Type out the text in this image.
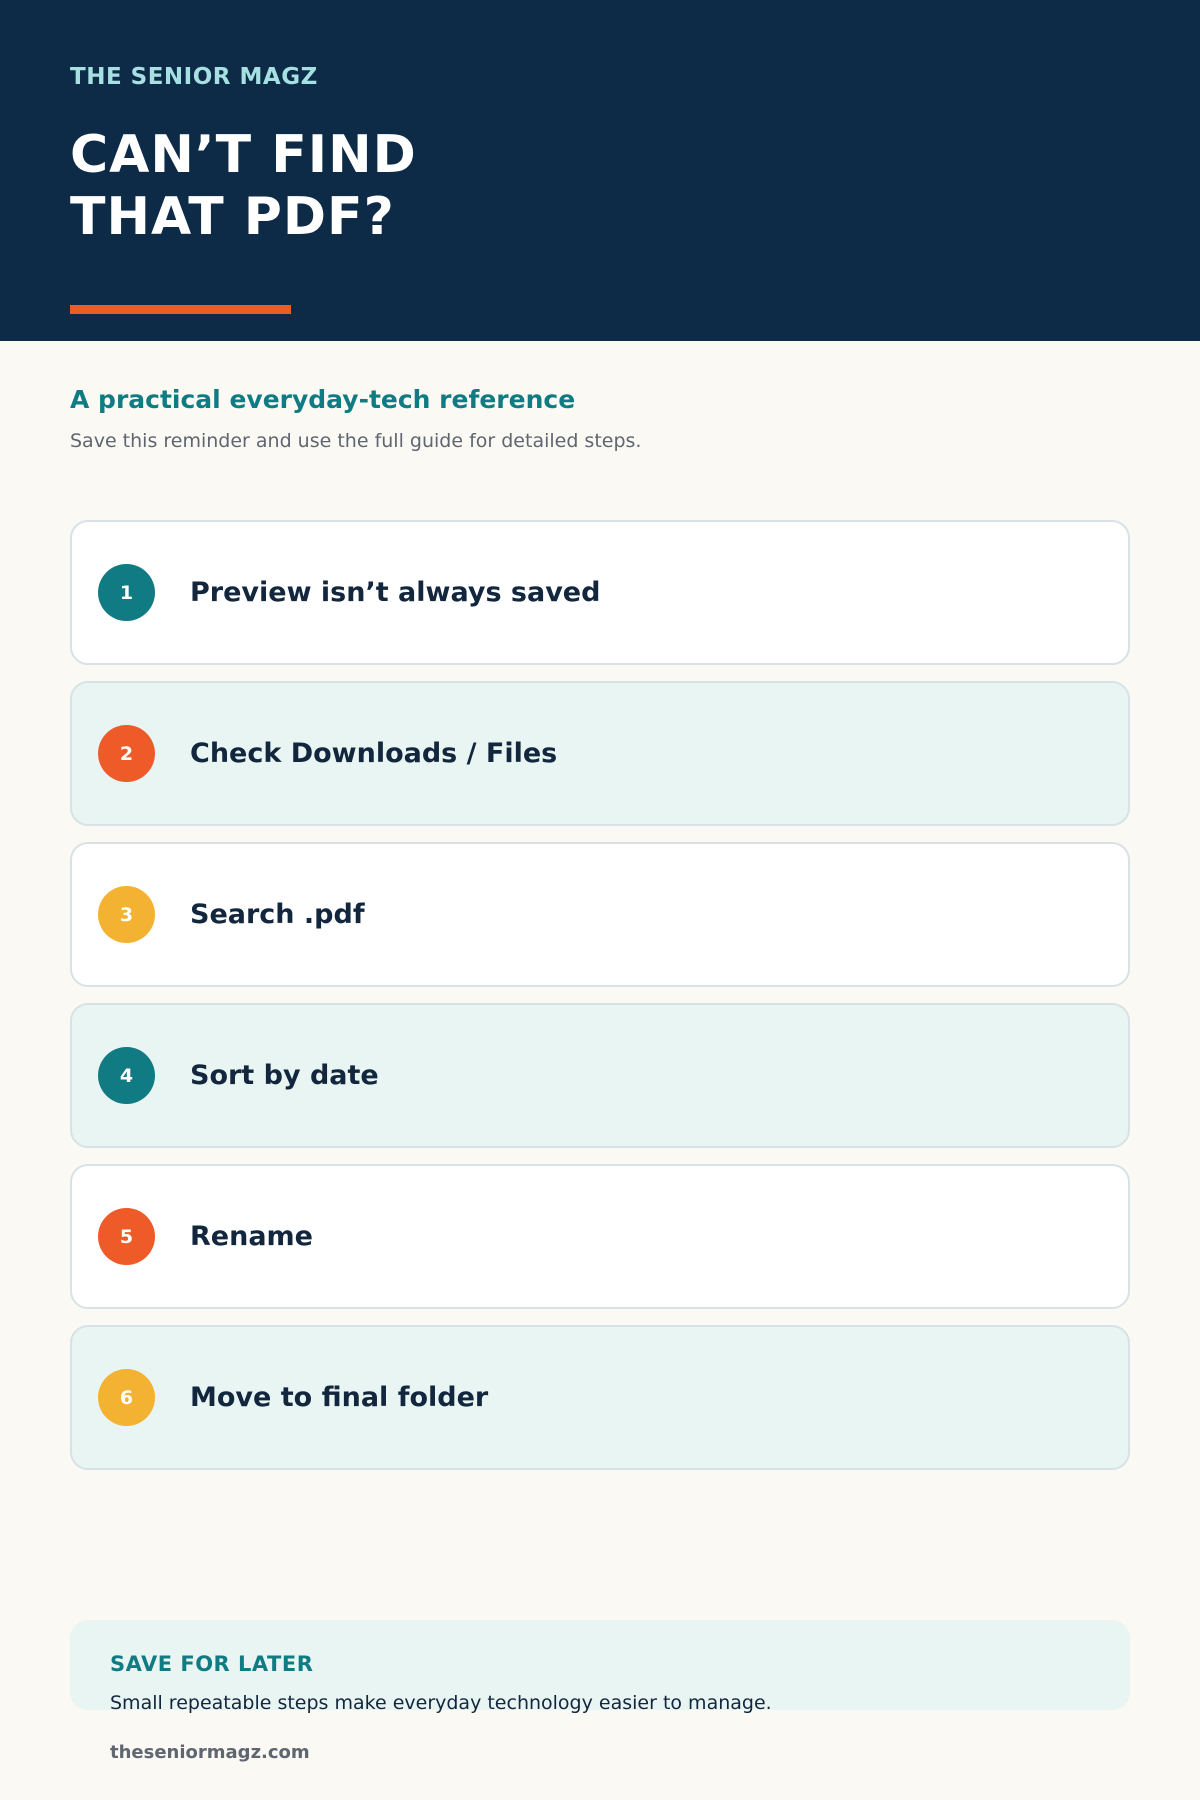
THE SENIOR MAGZ
CAN’T FIND
THAT PDF?
A practical everyday-tech reference

Save this reminder and use the full guide for detailed steps.

1	Preview isn’t always saved
2	Check Downloads / Files
3	Search .pdf
4	Sort by date
5	Rename
6	Move to final folder
SAVE FOR LATER
Small repeatable steps make everyday technology easier to manage.
theseniormagz.com
